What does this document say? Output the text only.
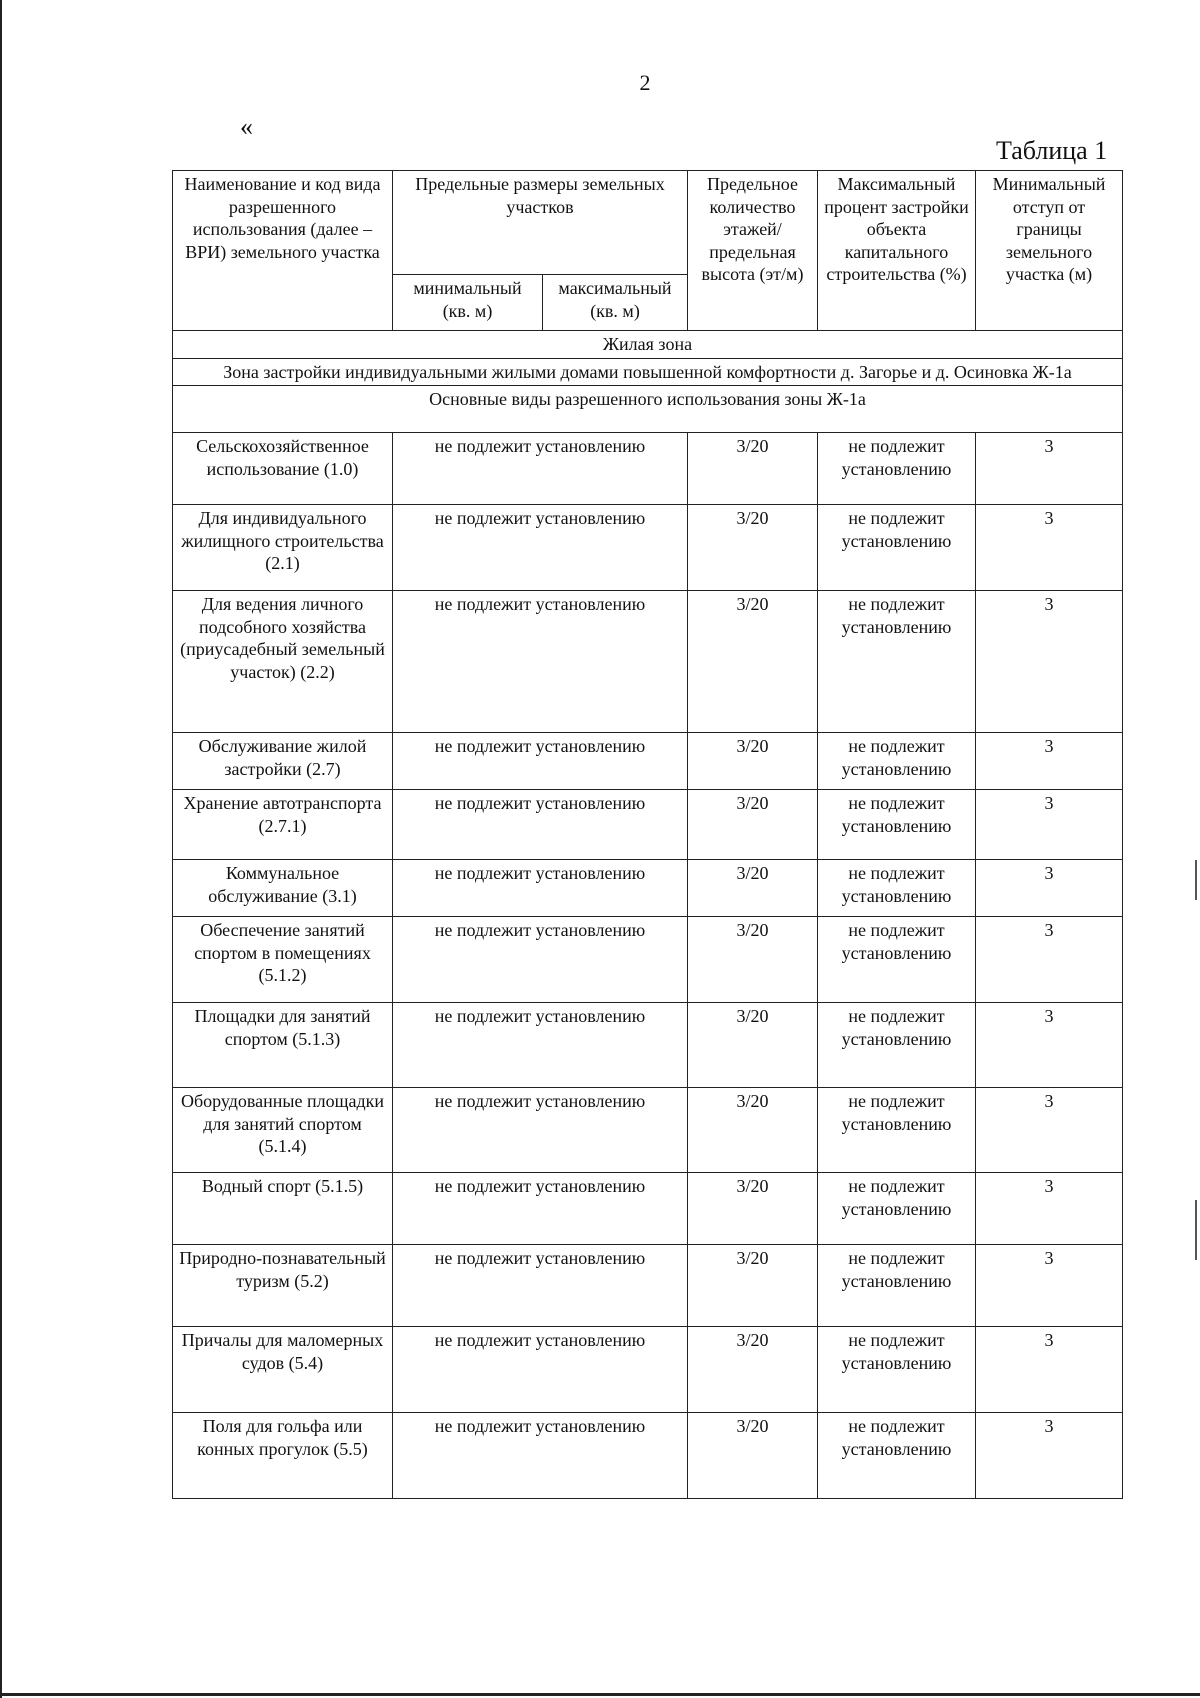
2
«
Таблица 1
Наименование и код вида разрешенного использования (далее – ВРИ) земельного участка	Предельные размеры земельных участков		Предельное количество этажей/ предельная высота (эт/м)	Максимальный процент застройки объекта капитального строительства (%)	Минимальный отступ от границы земельного участка (м)
	минимальный (кв. м)	максимальный (кв. м)			
Жилая зона					
Зона застройки индивидуальными жилыми домами повышенной комфортности д. Загорье и д. Осиновка Ж-1а					
Основные виды разрешенного использования зоны Ж-1а					
Сельскохозяйственное использование (1.0)	не подлежит установлению		3/20	не подлежит установлению	3
Для индивидуального жилищного строительства (2.1)	не подлежит установлению		3/20	не подлежит установлению	3
Для ведения личного подсобного хозяйства (приусадебный земельный участок) (2.2)	не подлежит установлению		3/20	не подлежит установлению	3
Обслуживание жилой застройки (2.7)	не подлежит установлению		3/20	не подлежит установлению	3
Хранение автотранспорта (2.7.1)	не подлежит установлению		3/20	не подлежит установлению	3
Коммунальное обслуживание (3.1)	не подлежит установлению		3/20	не подлежит установлению	3
Обеспечение занятий спортом в помещениях (5.1.2)	не подлежит установлению		3/20	не подлежит установлению	3
Площадки для занятий спортом (5.1.3)	не подлежит установлению		3/20	не подлежит установлению	3
Оборудованные площадки для занятий спортом (5.1.4)	не подлежит установлению		3/20	не подлежит установлению	3
Водный спорт (5.1.5)	не подлежит установлению		3/20	не подлежит установлению	3
Природно-познавательный туризм (5.2)	не подлежит установлению		3/20	не подлежит установлению	3
Причалы для маломерных судов (5.4)	не подлежит установлению		3/20	не подлежит установлению	3
Поля для гольфа или конных прогулок (5.5)	не подлежит установлению		3/20	не подлежит установлению	3
